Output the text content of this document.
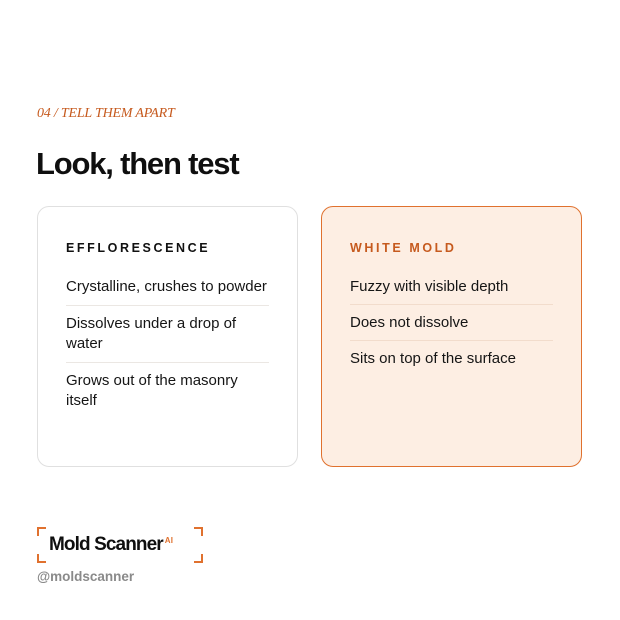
04 / TELL THEM APART
Look, then test
EFFLORESCENCE
Crystalline, crushes to powder
Dissolves under a drop of water
Grows out of the masonry itself
WHITE MOLD
Fuzzy with visible depth
Does not dissolve
Sits on top of the surface
Mold Scanner $^{AI}$
@moldscanner
